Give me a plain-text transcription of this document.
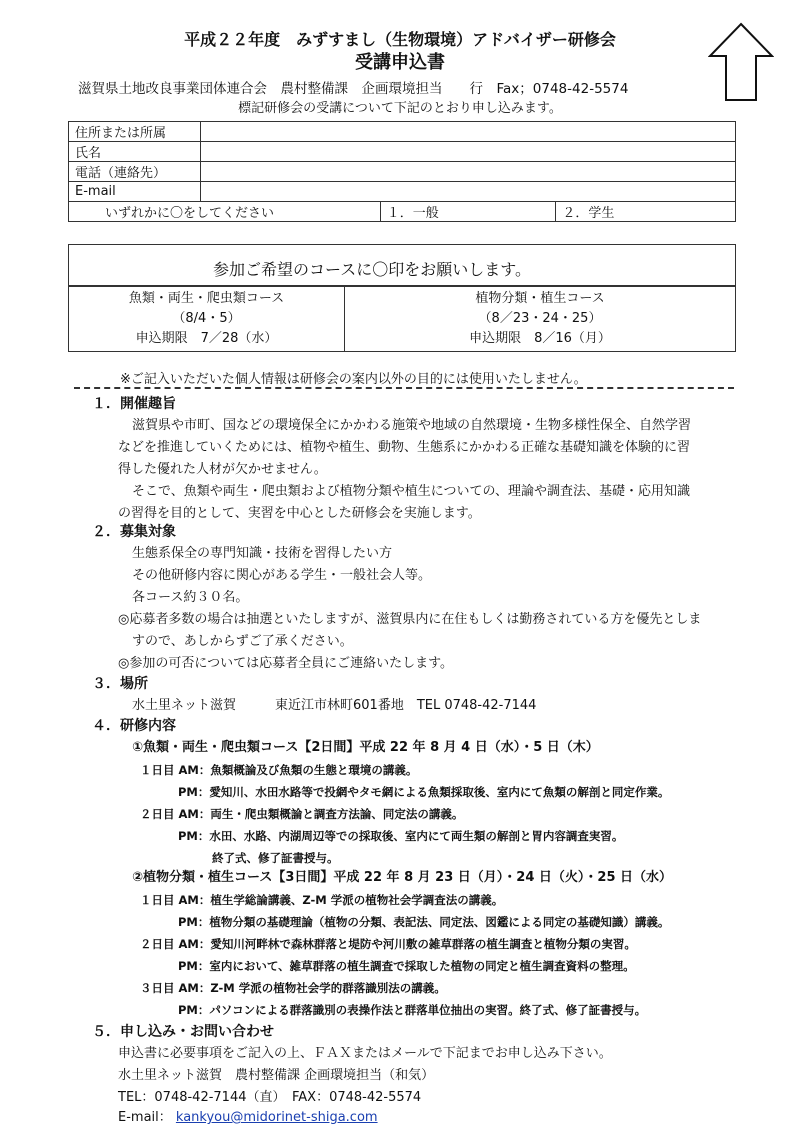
平成２２年度　みずすまし（生物環境）アドバイザー研修会
受講申込書
滋賀県土地改良事業団体連合会　農村整備課　企画環境担当　　行　Fax；0748-42-5574
標記研修会の受講について下記のとおり申し込みます。
住所または所属			
氏名			
電話（連絡先）			
E-mail			
いずれかに〇をしてください		１．一般	２．学生
参加ご希望のコースに〇印をお願いします。
魚類・両生・爬虫類コース
（8/4・5）
申込期限　7／28（水）
植物分類・植生コース
（8／23・24・25）
申込期限　8／16（月）
※ご記入いただいた個人情報は研修会の案内以外の目的には使用いたしません。
１．開催趣旨
滋賀県や市町、国などの環境保全にかかわる施策や地域の自然環境・生物多様性保全、自然学習
などを推進していくためには、植物や植生、動物、生態系にかかわる正確な基礎知識を体験的に習
得した優れた人材が欠かせません。
そこで、魚類や両生・爬虫類および植物分類や植生についての、理論や調査法、基礎・応用知識
の習得を目的として、実習を中心とした研修会を実施します。
２．募集対象
生態系保全の専門知識・技術を習得したい方
その他研修内容に関心がある学生・一般社会人等。
各コース約３０名。
◎応募者多数の場合は抽選といたしますが、滋賀県内に在住もしくは勤務されている方を優先としま
すので、あしからずご了承ください。
◎参加の可否については応募者全員にご連絡いたします。
３．場所
水土里ネット滋賀　　　東近江市林町601番地　TEL 0748-42-7144
４．研修内容
①魚類・両生・爬虫類コース【2日間】平成 22 年 8 月 4 日（水）・5 日（木）
１日目 AM：魚類概論及び魚類の生態と環境の講義。
PM：愛知川、水田水路等で投網やタモ網による魚類採取後、室内にて魚類の解剖と同定作業。
２日目 AM：両生・爬虫類概論と調査方法論、同定法の講義。
PM：水田、水路、内湖周辺等での採取後、室内にて両生類の解剖と胃内容調査実習。
終了式、修了証書授与。
②植物分類・植生コース【3日間】平成 22 年 8 月 23 日（月）・24 日（火）・25 日（水）
１日目 AM：植生学総論講義、Z-M 学派の植物社会学調査法の講義。
PM：植物分類の基礎理論（植物の分類、表記法、同定法、図鑑による同定の基礎知識）講義。
２日目 AM：愛知川河畔林で森林群落と堤防や河川敷の雑草群落の植生調査と植物分類の実習。
PM：室内において、雑草群落の植生調査で採取した植物の同定と植生調査資料の整理。
３日目 AM：Z-M 学派の植物社会学的群落識別法の講義。
PM：パソコンによる群落識別の表操作法と群落単位抽出の実習。終了式、修了証書授与。
５．申し込み・お問い合わせ
申込書に必要事項をご記入の上、ＦＡＸまたはメールで下記までお申し込み下さい。
水土里ネット滋賀　農村整備課 企画環境担当（和気）
TEL：0748-42-7144（直）　FAX：0748-42-5574
E-mail： kankyou@midorinet-shiga.com
